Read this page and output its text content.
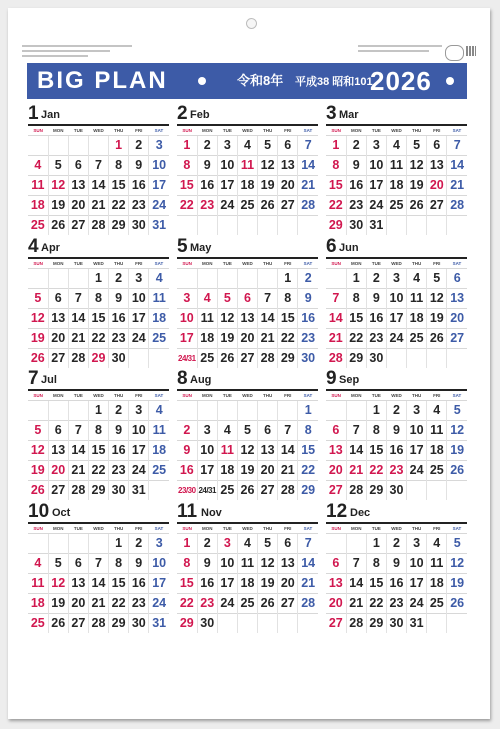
BIG PLAN	令和8年 平成38 昭和101
2026
1 Jan
SUN	MON	TUE	WED	THU	FRI	SAT
				1	2	3
4	5	6	7	8	9	10
11	12	13	14	15	16	17
18	19	20	21	22	23	24
25	26	27	28	29	30	31
2 Feb
SUN	MON	TUE	WED	THU	FRI	SAT
1	2	3	4	5	6	7
8	9	10	11	12	13	14
15	16	17	18	19	20	21
22	23	24	25	26	27	28

3 Mar
SUN	MON	TUE	WED	THU	FRI	SAT
1	2	3	4	5	6	7
8	9	10	11	12	13	14
15	16	17	18	19	20	21
22	23	24	25	26	27	28
29	30	31				
4 Apr
SUN	MON	TUE	WED	THU	FRI	SAT
			1	2	3	4
5	6	7	8	9	10	11
12	13	14	15	16	17	18
19	20	21	22	23	24	25
26	27	28	29	30		
5 May
SUN	MON	TUE	WED	THU	FRI	SAT
					1	2
3	4	5	6	7	8	9
10	11	12	13	14	15	16
17	18	19	20	21	22	23
24/31	25	26	27	28	29	30
6 Jun
SUN	MON	TUE	WED	THU	FRI	SAT
	1	2	3	4	5	6
7	8	9	10	11	12	13
14	15	16	17	18	19	20
21	22	23	24	25	26	27
28	29	30				
7 Jul
SUN	MON	TUE	WED	THU	FRI	SAT
			1	2	3	4
5	6	7	8	9	10	11
12	13	14	15	16	17	18
19	20	21	22	23	24	25
26	27	28	29	30	31	
8 Aug
SUN	MON	TUE	WED	THU	FRI	SAT
						1
2	3	4	5	6	7	8
9	10	11	12	13	14	15
16	17	18	19	20	21	22
23/30	24/31	25	26	27	28	29
9 Sep
SUN	MON	TUE	WED	THU	FRI	SAT
		1	2	3	4	5
6	7	8	9	10	11	12
13	14	15	16	17	18	19
20	21	22	23	24	25	26
27	28	29	30			
10 Oct
SUN	MON	TUE	WED	THU	FRI	SAT
				1	2	3
4	5	6	7	8	9	10
11	12	13	14	15	16	17
18	19	20	21	22	23	24
25	26	27	28	29	30	31
11 Nov
SUN	MON	TUE	WED	THU	FRI	SAT
1	2	3	4	5	6	7
8	9	10	11	12	13	14
15	16	17	18	19	20	21
22	23	24	25	26	27	28
29	30					
12 Dec
SUN	MON	TUE	WED	THU	FRI	SAT
		1	2	3	4	5
6	7	8	9	10	11	12
13	14	15	16	17	18	19
20	21	22	23	24	25	26
27	28	29	30	31		
